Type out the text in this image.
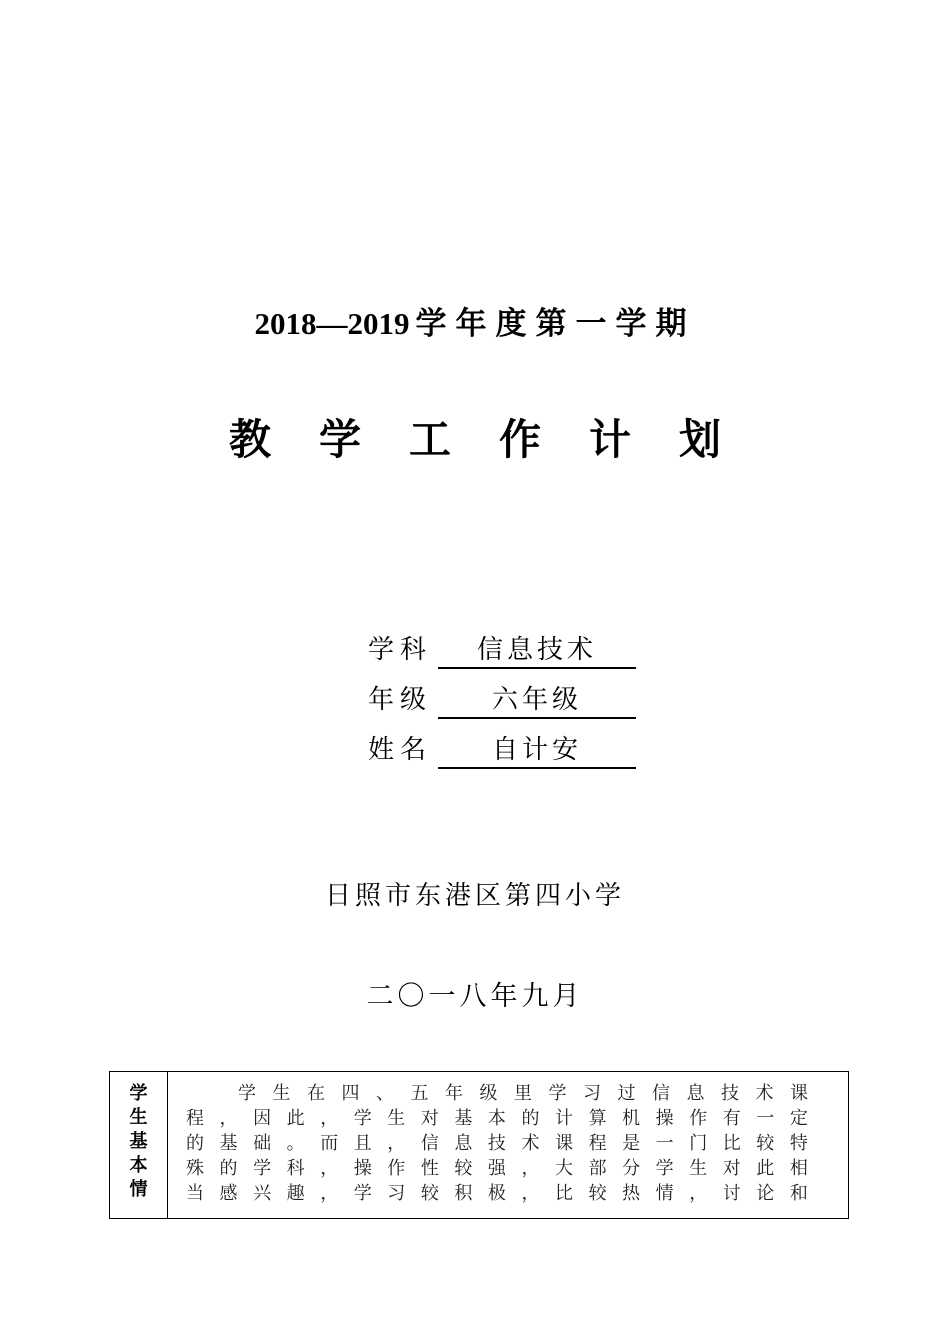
2018—2019 学年度第一学期
教学工作计划
学科 信息技术
年级 六年级
姓名 自计安
日照市东港区第四小学
二〇一八年九月
学
生
基
本
情
学 生 在 四 、 五 年 级 里 学 习 过 信 息 技 术 课
程 ， 因 此 ， 学 生 对 基 本 的 计 算 机 操 作 有 一 定
的 基 础 。 而 且 ， 信 息 技 术 课 程 是 一 门 比 较 特
殊 的 学 科 ， 操 作 性 较 强 ， 大 部 分 学 生 对 此 相
当 感 兴 趣 ， 学 习 较 积 极 ， 比 较 热 情 ， 讨 论 和
